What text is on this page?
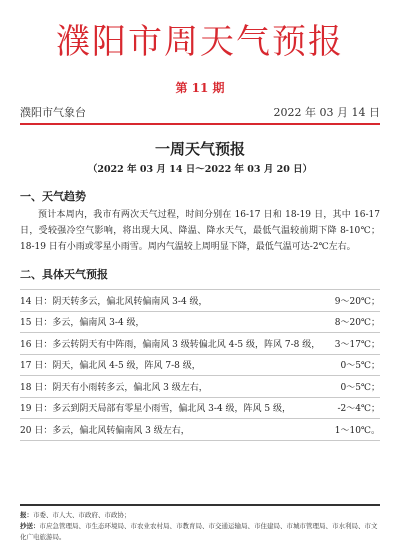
濮阳市周天气预报
第 11 期
濮阳市气象台	2022 年 03 月 14 日
一周天气预报
（2022 年 03 月 14 日～2022 年 03 月 20 日）
一、天气趋势
预计本周内，我市有两次天气过程，时间分别在 16-17 日和 18-19 日，其中 16-17 日，受较强冷空气影响，将出现大风、降温、降水天气，最低气温较前期下降 8-10℃；18-19 日有小雨或零星小雨雪。周内气温较上周明显下降，最低气温可达-2℃左右。
二、具体天气预报
14 日：阴天转多云，偏北风转偏南风 3-4 级，	9～20℃；
15 日：多云，偏南风 3-4 级，	8～20℃；
16 日：多云转阴天有中阵雨，偏南风 3 级转偏北风 4-5 级，阵风 7-8 级，	3～17℃；
17 日：阴天，偏北风 4-5 级，阵风 7-8 级，	0～5℃；
18 日：阴天有小雨转多云，偏北风 3 级左右，	0～5℃；
19 日：多云到阴天局部有零星小雨雪，偏北风 3-4 级，阵风 5 级，	-2～4℃；
20 日：多云，偏北风转偏南风 3 级左右，	1～10℃。
报：市委、市人大、市政府、市政协；
抄送：市应急管理局、市生态环境局、市农业农村局、市教育局、市交通运输局、市住建局、市城市管理局、市水利局、市文化广电旅游局。
